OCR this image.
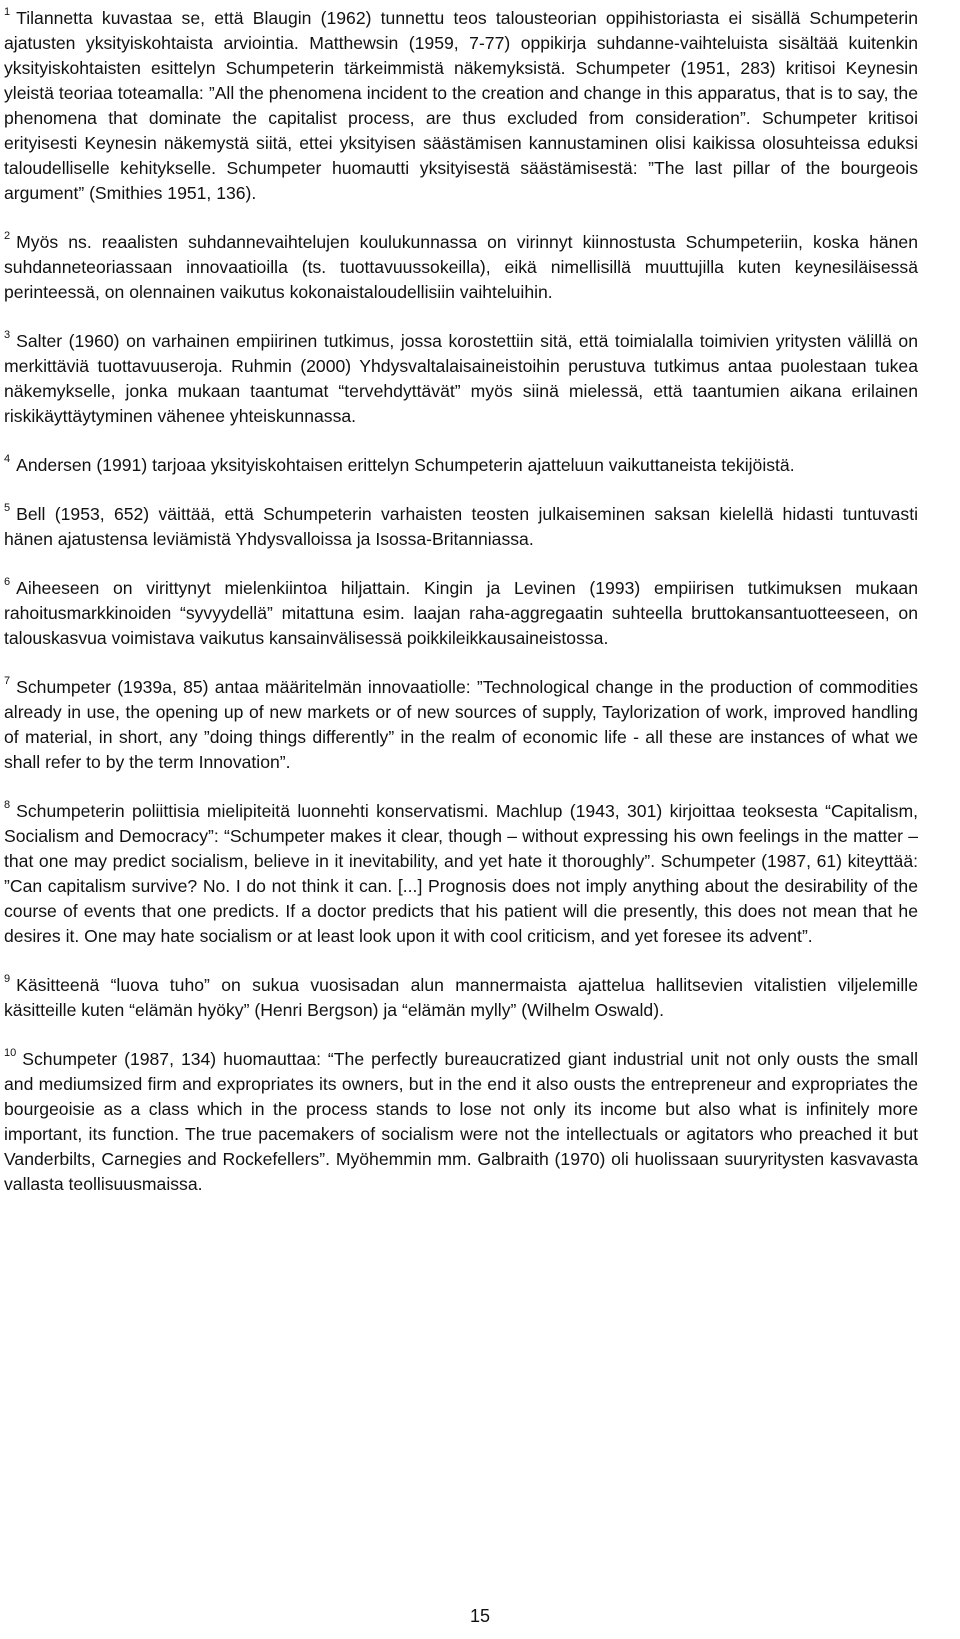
$^1$ Tilannetta kuvastaa se, että Blaugin (1962) tunnettu teos talousteorian oppihistoriasta ei sisällä Schumpeterin ajatusten yksityiskohtaista arviointia. Matthewsin (1959, 7-77) oppikirja suhdanne-vaihteluista sisältää kuitenkin yksityiskohtaisten esittelyn Schumpeterin tärkeimmistä näkemyksistä. Schumpeter (1951, 283) kritisoi Keynesin yleistä teoriaa toteamalla: ”All the phenomena incident to the creation and change in this apparatus, that is to say, the phenomena that dominate the capitalist process, are thus excluded from consideration”. Schumpeter kritisoi erityisesti Keynesin näkemystä siitä, ettei yksityisen säästämisen kannustaminen olisi kaikissa olosuhteissa eduksi taloudelliselle kehitykselle. Schumpeter huomautti yksityisestä säästämisestä: ”The last pillar of the bourgeois argument” (Smithies 1951, 136).

$^2$ Myös ns. reaalisten suhdannevaihtelujen koulukunnassa on virinnyt kiinnostusta Schumpeteriin, koska hänen suhdanneteoriassaan innovaatioilla (ts. tuottavuussokeilla), eikä nimellisillä muuttujilla kuten keynesiläisessä perinteessä, on olennainen vaikutus kokonaistaloudellisiin vaihteluihin.

$^3$ Salter (1960) on varhainen empiirinen tutkimus, jossa korostettiin sitä, että toimialalla toimivien yritysten välillä on merkittäviä tuottavuuseroja. Ruhmin (2000) Yhdysvaltalaisaineistoihin perustuva tutkimus antaa puolestaan tukea näkemykselle, jonka mukaan taantumat “tervehdyttävät” myös siinä mielessä, että taantumien aikana erilainen riskikäyttäytyminen vähenee yhteiskunnassa.

$^4$ Andersen (1991) tarjoaa yksityiskohtaisen erittelyn Schumpeterin ajatteluun vaikuttaneista tekijöistä.

$^5$ Bell (1953, 652) väittää, että Schumpeterin varhaisten teosten julkaiseminen saksan kielellä hidasti tuntuvasti hänen ajatustensa leviämistä Yhdysvalloissa ja Isossa-Britanniassa.

$^6$ Aiheeseen on virittynyt mielenkiintoa hiljattain. Kingin ja Levinen (1993) empiirisen tutkimuksen mukaan rahoitusmarkkinoiden “syvyydellä” mitattuna esim. laajan raha-aggregaatin suhteella bruttokansantuotteeseen, on talouskasvua voimistava vaikutus kansainvälisessä poikkileikkausaineistossa.

$^7$ Schumpeter (1939a, 85) antaa määritelmän innovaatiolle: ”Technological change in the production of commodities already in use, the opening up of new markets or of new sources of supply, Taylorization of work, improved handling of material, in short, any ”doing things differently” in the realm of economic life - all these are instances of what we shall refer to by the term Innovation”.

$^8$ Schumpeterin poliittisia mielipiteitä luonnehti konservatismi. Machlup (1943, 301) kirjoittaa teoksesta “Capitalism, Socialism and Democracy”: “Schumpeter makes it clear, though – without expressing his own feelings in the matter – that one may predict socialism, believe in it inevitability, and yet hate it thoroughly”. Schumpeter (1987, 61) kiteyttää: ”Can capitalism survive? No. I do not think it can. [...] Prognosis does not imply anything about the desirability of the course of events that one predicts. If a doctor predicts that his patient will die presently, this does not mean that he desires it. One may hate socialism or at least look upon it with cool criticism, and yet foresee its advent”.

$^9$ Käsitteenä “luova tuho” on sukua vuosisadan alun mannermaista ajattelua hallitsevien vitalistien viljelemille käsitteille kuten “elämän hyöky” (Henri Bergson) ja “elämän mylly” (Wilhelm Oswald).

$^{10}$ Schumpeter (1987, 134) huomauttaa: “The perfectly bureaucratized giant industrial unit not only ousts the small and mediumsized firm and expropriates its owners, but in the end it also ousts the entrepreneur and expropriates the bourgeoisie as a class which in the process stands to lose not only its income but also what is infinitely more important, its function. The true pacemakers of socialism were not the intellectuals or agitators who preached it but Vanderbilts, Carnegies and Rockefellers”. Myöhemmin mm. Galbraith (1970) oli huolissaan suuryritysten kasvavasta vallasta teollisuusmaissa.

15
